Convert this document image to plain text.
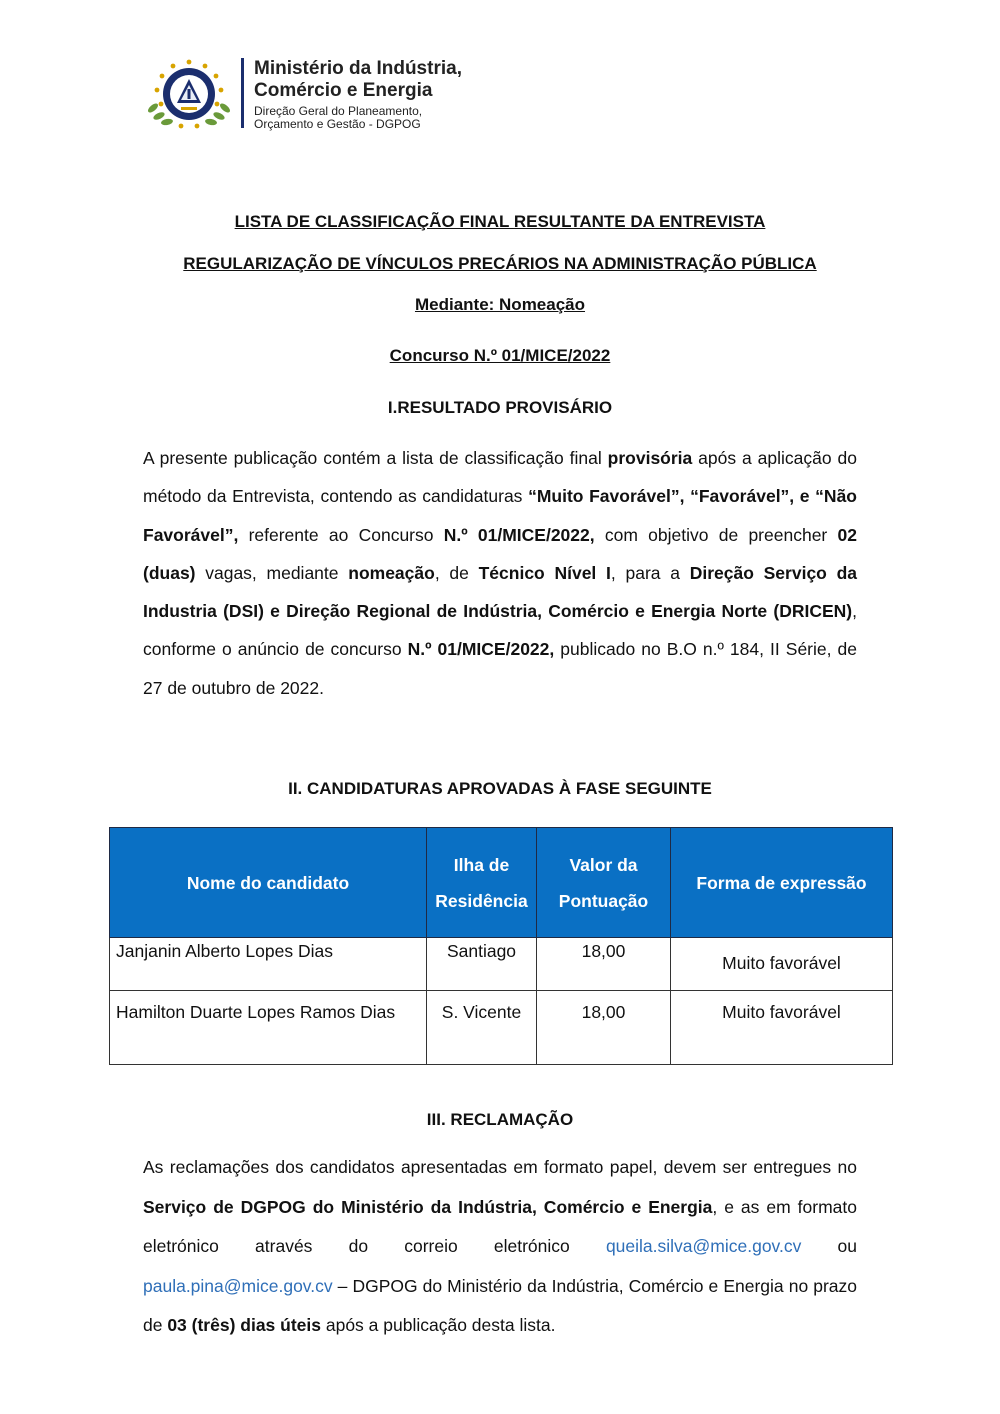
Ministério da Indústria,
Comércio e Energia
Direção Geral do Planeamento,
Orçamento e Gestão - DGPOG
LISTA DE CLASSIFICAÇÃO FINAL RESULTANTE DA ENTREVISTA
REGULARIZAÇÃO DE VÍNCULOS PRECÁRIOS NA ADMINISTRAÇÃO PÚBLICA
Mediante: Nomeação
Concurso N.º 01/MICE/2022
I.RESULTADO PROVISÁRIO
A presente publicação contém a lista de classificação final provisória após a aplicação do método da Entrevista, contendo as candidaturas “Muito Favorável”, “Favorável”, e “Não Favorável”, referente ao Concurso N.º 01/MICE/2022, com objetivo de preencher 02 (duas) vagas, mediante nomeação, de Técnico Nível I, para a Direção Serviço da Industria (DSI) e Direção Regional de Indústria, Comércio e Energia Norte (DRICEN), conforme o anúncio de concurso N.º 01/MICE/2022, publicado no B.O n.º 184, II Série, de 27 de outubro de 2022.
II. CANDIDATURAS APROVADAS À FASE SEGUINTE
Nome do candidato	Ilha de Residência	Valor da Pontuação	Forma de expressão
Janjanin Alberto Lopes Dias	Santiago	18,00	Muito favorável
Hamilton Duarte Lopes Ramos Dias	S. Vicente	18,00	Muito favorável
III. RECLAMAÇÃO
As reclamações dos candidatos apresentadas em formato papel, devem ser entregues no Serviço de DGPOG do Ministério da Indústria, Comércio e Energia, e as em formato eletrónico através do correio eletrónico queila.silva@mice.gov.cv ou paula.pina@mice.gov.cv – DGPOG do Ministério da Indústria, Comércio e Energia no prazo de 03 (três) dias úteis após a publicação desta lista.
